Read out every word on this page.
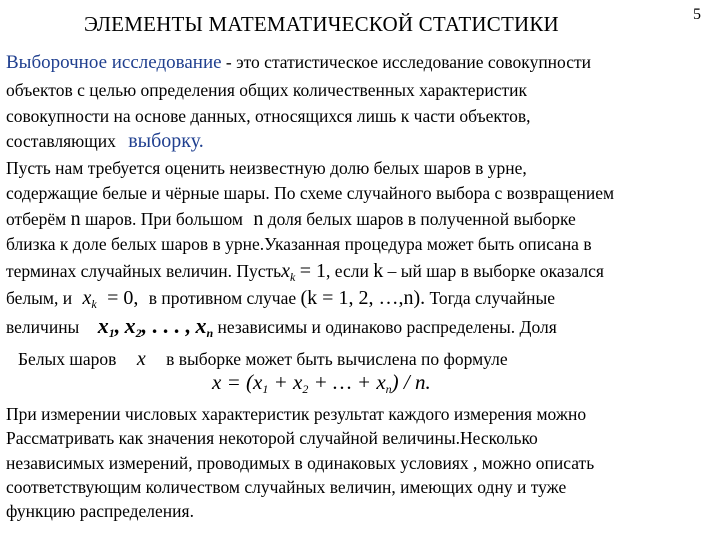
ЭЛЕМЕНТЫ МАТЕМАТИЧЕСКОЙ СТАТИСТИКИ	5
Выборочное исследование - это статистическое исследование совокупности
объектов с целью определения общих количественных характеристик
совокупности на основе данных, относящихся лишь к части объектов,
составляющих выборку.
Пусть нам требуется оценить неизвестную долю белых шаров в урне,
содержащие белые и чёрные шары. По схеме случайного выбора с возвращением
отберём n шаров. При большом n доля белых шаров в полученной выборке
близка к доле белых шаров в урне.Указанная процедура может быть описана в
терминах случайных величин. Пустьx$_k$ = 1, если k – ый шар в выборке оказался
белым, и $x_k = 0$, в противном случае (k = 1, 2, …,n). Тогда случайные
величины $x_1$, $x_2$, . . . , $x_n$ независимы и одинаково распределены. Доля
Белых шаров x в выборке может быть вычислена по формуле
$x = (x_1 + x_2$ + … + $x_n$) / n.
При измерении числовых характеристик результат каждого измерения можно
Рассматривать как значения некоторой случайной величины.Несколько
независимых измерений, проводимых в одинаковых условиях , можно описать
соответствующим количеством случайных величин, имеющих одну и туже
функцию распределения.
